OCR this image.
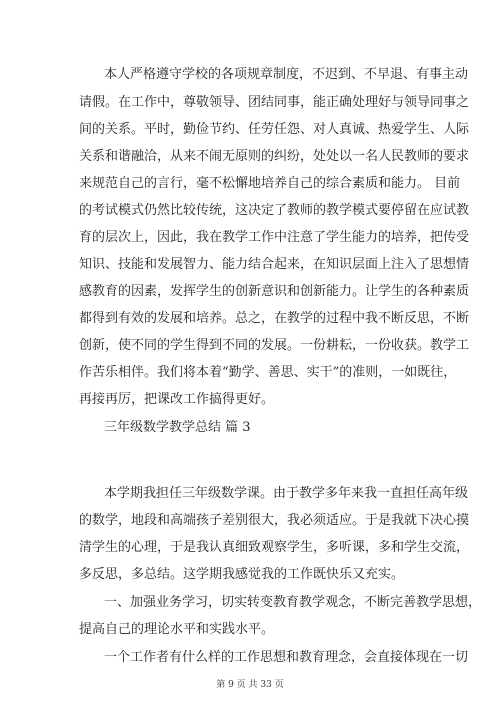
本人严格遵守学校的各项规章制度，不迟到、不早退、有事主动
请假。在工作中，尊敬领导、团结同事，能正确处理好与领导同事之
间的关系。平时，勤俭节约、任劳任怨、对人真诚、热爱学生、人际
关系和谐融洽，从来不闹无原则的纠纷，处处以一名人民教师的要求
来规范自己的言行，毫不松懈地培养自己的综合素质和能力。 目前
的考试模式仍然比较传统，这决定了教师的教学模式要停留在应试教
育的层次上，因此，我在教学工作中注意了学生能力的培养，把传受
知识、技能和发展智力、能力结合起来，在知识层面上注入了思想情
感教育的因素，发挥学生的创新意识和创新能力。让学生的各种素质
都得到有效的发展和培养。总之，在教学的过程中我不断反思，不断
创新，使不同的学生得到不同的发展。一份耕耘，一份收获。教学工
作苦乐相伴。我们将本着“勤学、善思、实干”的准则，一如既往，
再接再厉，把课改工作搞得更好。
三年级数学教学总结 篇 3
本学期我担任三年级数学课。由于教学多年来我一直担任高年级
的数学，地段和高端孩子差别很大，我必须适应。于是我就下决心摸
清学生的心理，于是我认真细致观察学生，多听课，多和学生交流，
多反思，多总结。这学期我感觉我的工作既快乐又充实。
一、加强业务学习，切实转变教育教学观念，不断完善教学思想，
提高自己的理论水平和实践水平。
一个工作者有什么样的工作思想和教育理念，会直接体现在一切
第 9 页 共 33 页
